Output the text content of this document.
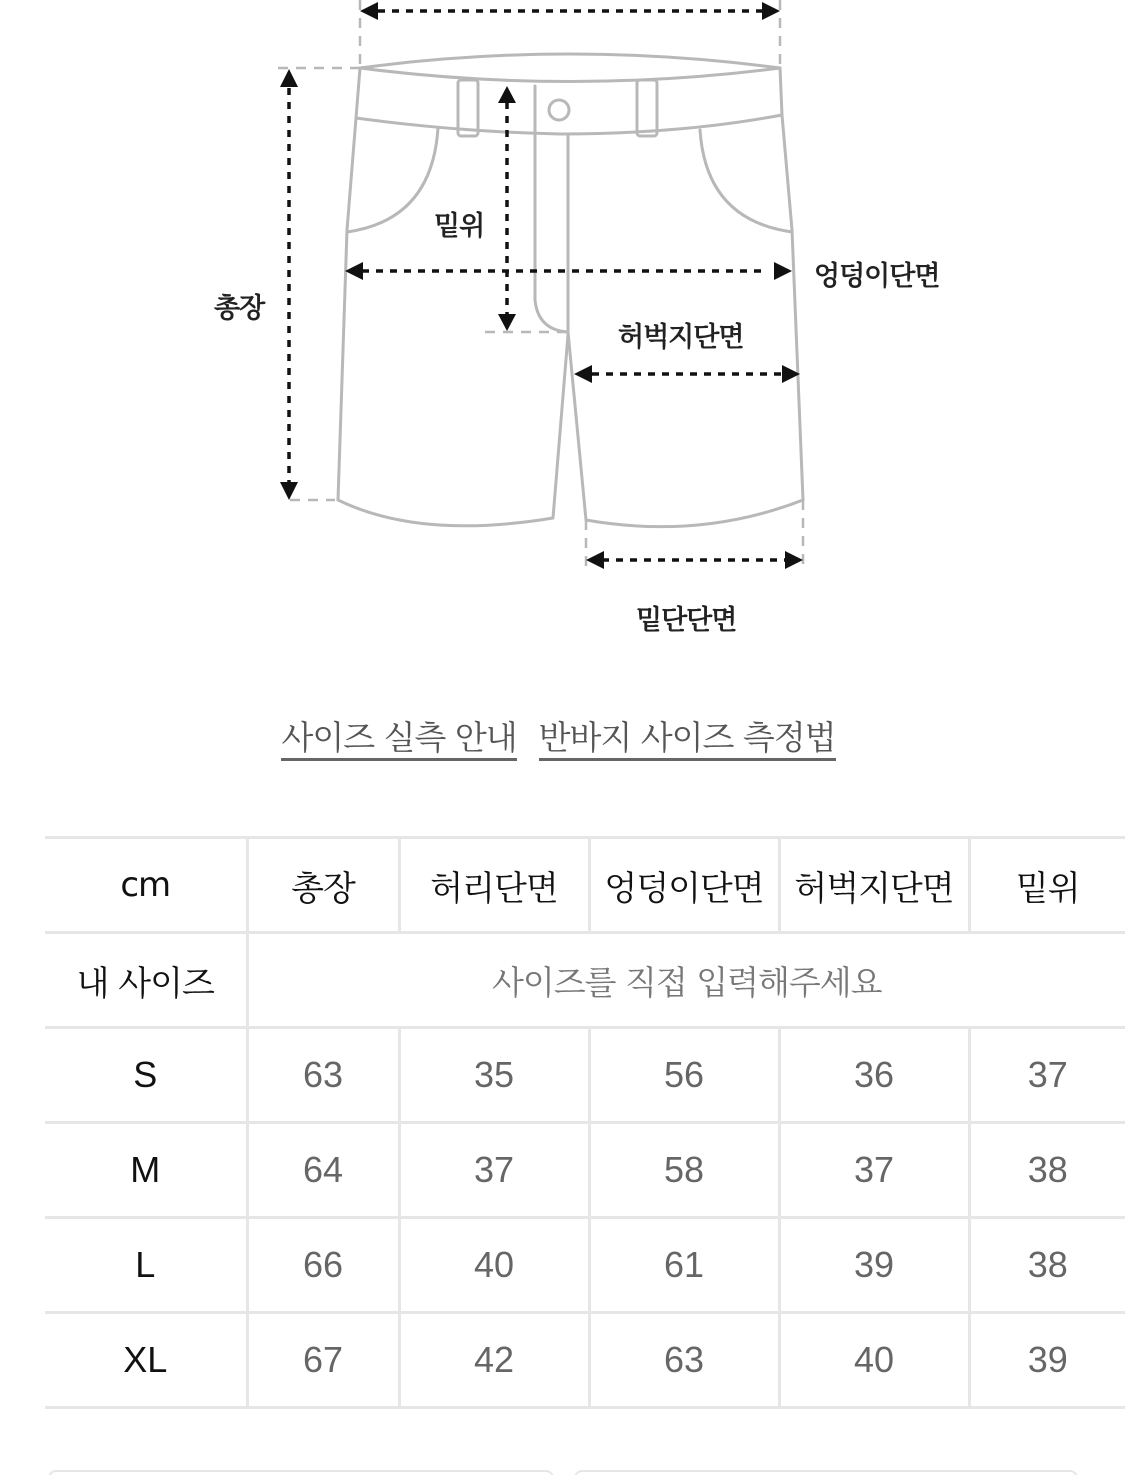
총장
밑위
엉덩이단면
허벅지단면
밑단단면
사이즈 실측 안내 반바지 사이즈 측정법
cm	총장	허리단면	엉덩이단면	허벅지단면	밑위
내 사이즈	사이즈를 직접 입력해주세요				
S	63	35	56	36	37
M	64	37	58	37	38
L	66	40	61	39	38
XL	67	42	63	40	39
